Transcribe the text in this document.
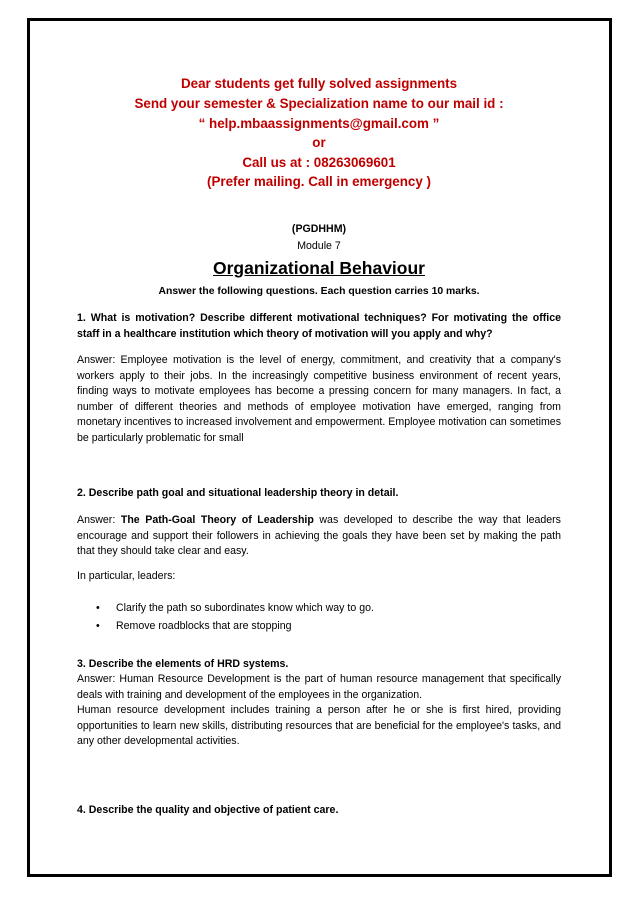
Dear students get fully solved assignments
Send your semester & Specialization name to our mail id :
“ help.mbaassignments@gmail.com ”
or
Call us at : 08263069601
(Prefer mailing. Call in emergency )
(PGDHHM)
Module 7
Organizational Behaviour
Answer the following questions. Each question carries 10 marks.
1. What is motivation? Describe different motivational techniques? For motivating the office staff in a healthcare institution which theory of motivation will you apply and why?
Answer: Employee motivation is the level of energy, commitment, and creativity that a company's workers apply to their jobs. In the increasingly competitive business environment of recent years, finding ways to motivate employees has become a pressing concern for many managers. In fact, a number of different theories and methods of employee motivation have emerged, ranging from monetary incentives to increased involvement and empowerment. Employee motivation can sometimes be particularly problematic for small
2. Describe path goal and situational leadership theory in detail.
Answer: The Path-Goal Theory of Leadership was developed to describe the way that leaders encourage and support their followers in achieving the goals they have been set by making the path that they should take clear and easy.
In particular, leaders:
• Clarify the path so subordinates know which way to go.
• Remove roadblocks that are stopping
3. Describe the elements of HRD systems.
Answer: Human Resource Development is the part of human resource management that specifically deals with training and development of the employees in the organization.
Human resource development includes training a person after he or she is first hired, providing opportunities to learn new skills, distributing resources that are beneficial for the employee's tasks, and any other developmental activities.
4. Describe the quality and objective of patient care.
